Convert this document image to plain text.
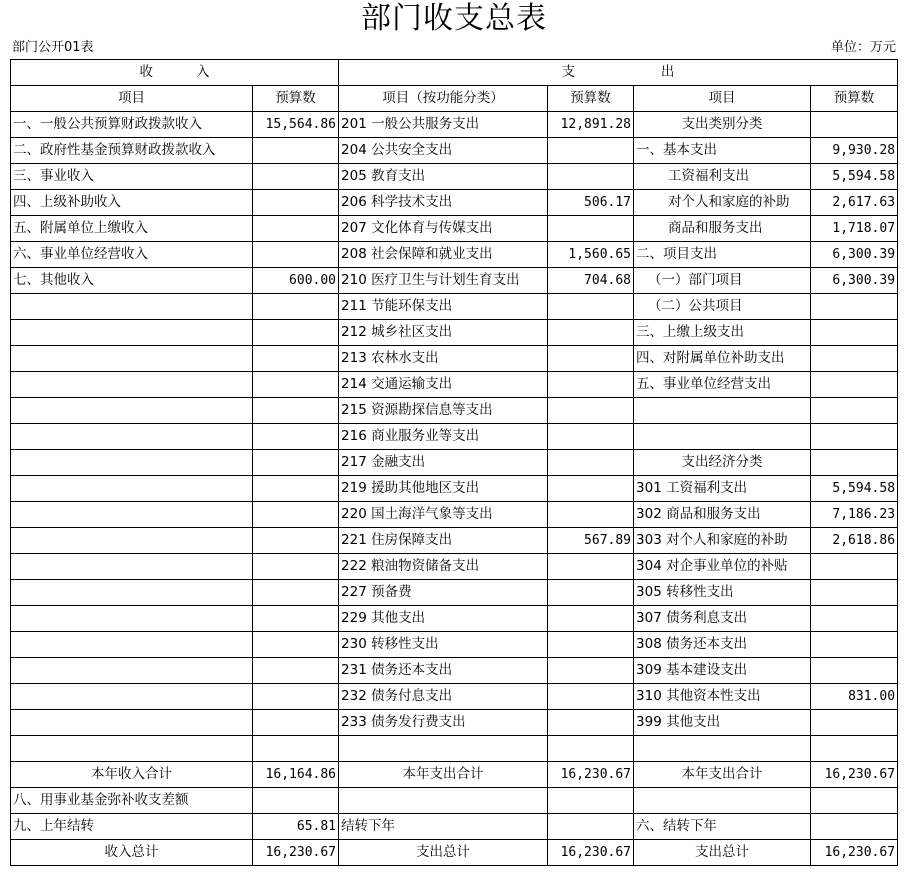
部门收支总表
部门公开01表	单位：万元
收          入		支                    出			
项目	预算数	项目（按功能分类）	预算数	项目	预算数
一、一般公共预算财政拨款收入	15,564.86	201 一般公共服务支出	12,891.28	支出类别分类	
二、政府性基金预算财政拨款收入		204 公共安全支出		一、基本支出	9,930.28
三、事业收入		205 教育支出		工资福利支出	5,594.58
四、上级补助收入		206 科学技术支出	506.17	对个人和家庭的补助	2,617.63
五、附属单位上缴收入		207 文化体育与传媒支出		商品和服务支出	1,718.07
六、事业单位经营收入		208 社会保障和就业支出	1,560.65	二、项目支出	6,300.39
七、其他收入	600.00	210 医疗卫生与计划生育支出	704.68	（一）部门项目	6,300.39
		211 节能环保支出		（二）公共项目	
		212 城乡社区支出		三、上缴上级支出	
		213 农林水支出		四、对附属单位补助支出	
		214 交通运输支出		五、事业单位经营支出	
		215 资源勘探信息等支出			
		216 商业服务业等支出			
		217 金融支出		支出经济分类	
		219 援助其他地区支出		301 工资福利支出	5,594.58
		220 国土海洋气象等支出		302 商品和服务支出	7,186.23
		221 住房保障支出	567.89	303 对个人和家庭的补助	2,618.86
		222 粮油物资储备支出		304 对企事业单位的补贴	
		227 预备费		305 转移性支出	
		229 其他支出		307 债务利息支出	
		230 转移性支出		308 债务还本支出	
		231 债务还本支出		309 基本建设支出	
		232 债务付息支出		310 其他资本性支出	831.00
		233 债务发行费支出		399 其他支出	

本年收入合计	16,164.86	本年支出合计	16,230.67	本年支出合计	16,230.67
八、用事业基金弥补收支差额					
九、上年结转	65.81	结转下年		六、结转下年	
收入总计	16,230.67	支出总计	16,230.67	支出总计	16,230.67
